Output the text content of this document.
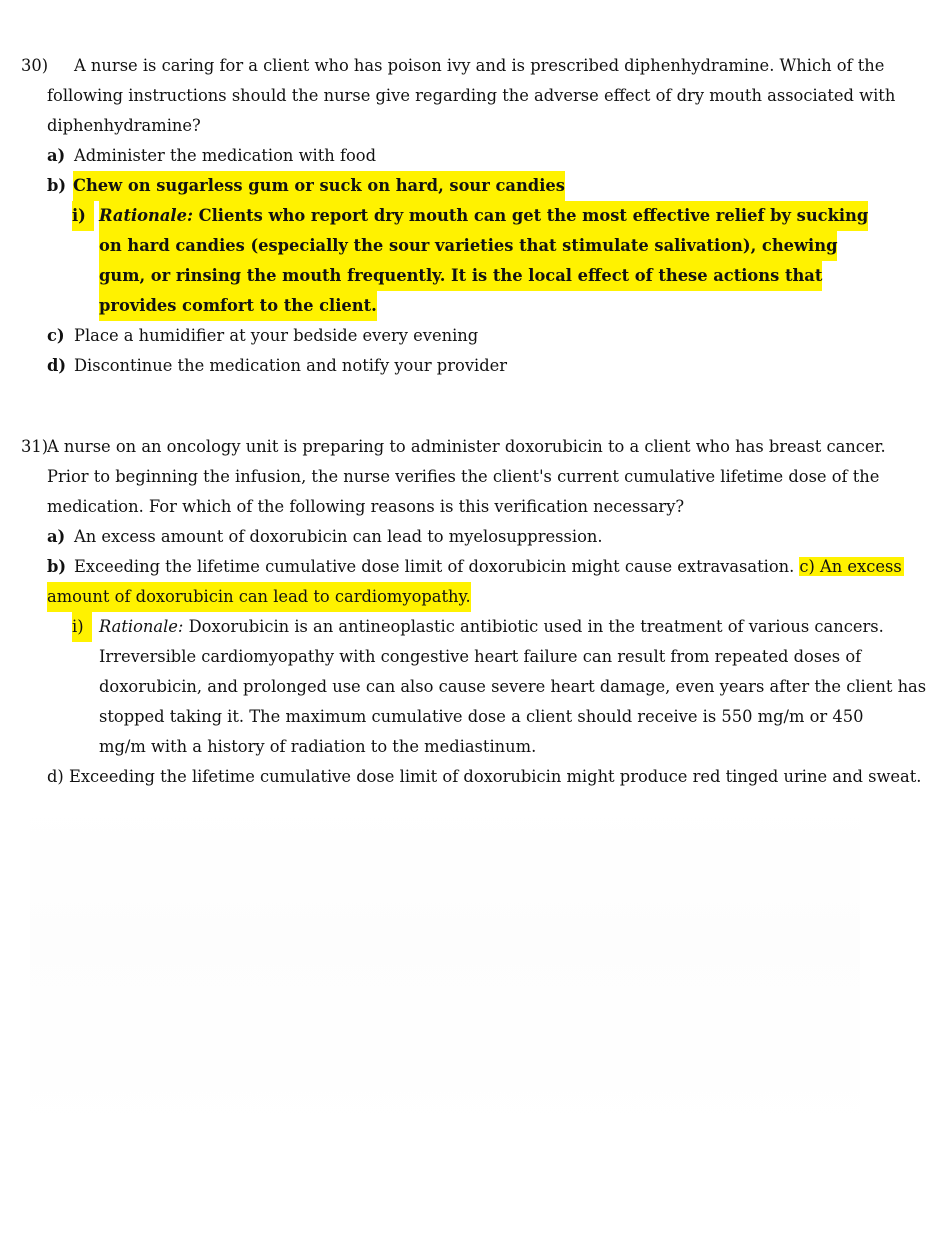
30) A nurse is caring for a client who has poison ivy and is prescribed diphenhydramine. Which of the
following instructions should the nurse give regarding the adverse effect of dry mouth associated with
diphenhydramine?
a) Administer the medication with food
b) Chew on sugarless gum or suck on hard, sour candies
i) Rationale: Clients who report dry mouth can get the most effective relief by sucking
on hard candies (especially the sour varieties that stimulate salivation), chewing
gum, or rinsing the mouth frequently. It is the local effect of these actions that
provides comfort to the client.
c) Place a humidifier at your bedside every evening
d) Discontinue the medication and notify your provider
31)
A nurse on an oncology unit is preparing to administer doxorubicin to a client who has breast cancer.
Prior to beginning the infusion, the nurse verifies the client's current cumulative lifetime dose of the
medication. For which of the following reasons is this verification necessary?
a) An excess amount of doxorubicin can lead to myelosuppression.
b) Exceeding the lifetime cumulative dose limit of doxorubicin might cause extravasation. c) An excess
amount of doxorubicin can lead to cardiomyopathy.
i) Rationale: Doxorubicin is an antineoplastic antibiotic used in the treatment of various cancers.
Irreversible cardiomyopathy with congestive heart failure can result from repeated doses of
doxorubicin, and prolonged use can also cause severe heart damage, even years after the client has
stopped taking it. The maximum cumulative dose a client should receive is 550 mg/m or 450
mg/m with a history of radiation to the mediastinum.
d) Exceeding the lifetime cumulative dose limit of doxorubicin might produce red tinged urine and sweat.
